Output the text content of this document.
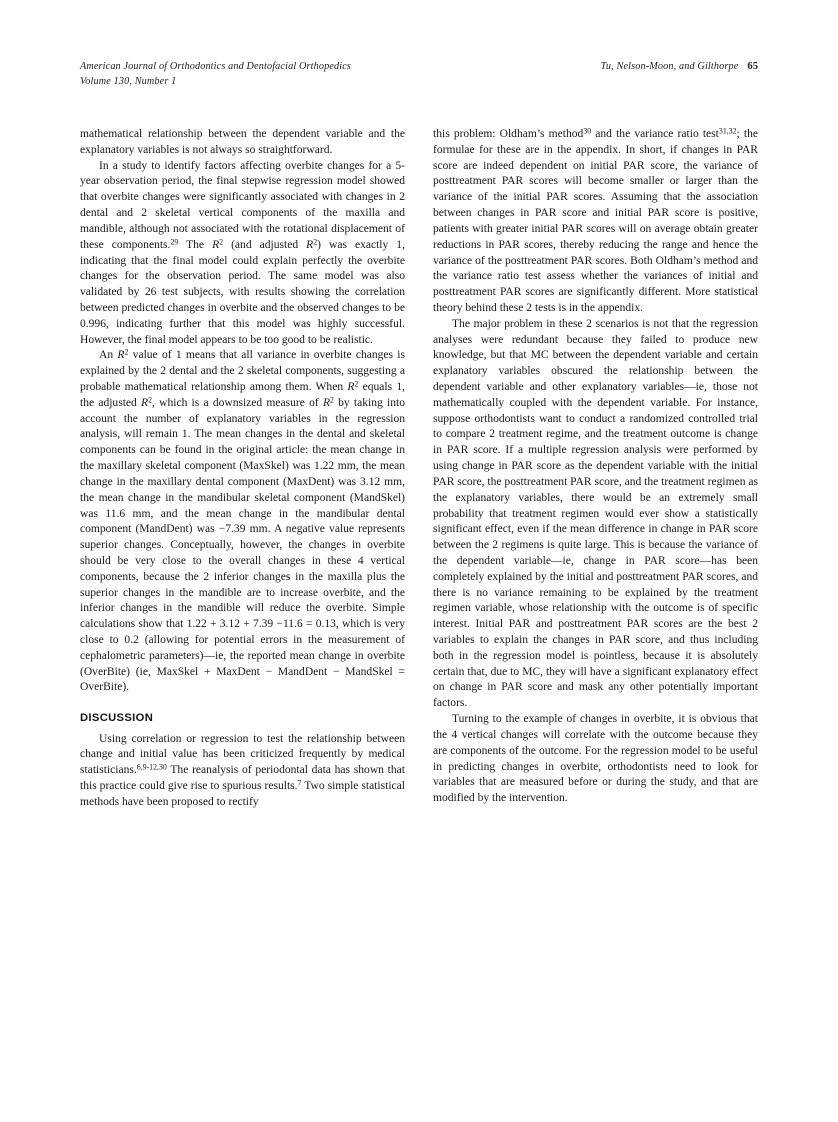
American Journal of Orthodontics and Dentofacial Orthopedics
Volume 130, Number 1
Tu, Nelson-Moon, and Gilthorpe 65

mathematical relationship between the dependent variable and the explanatory variables is not always so straightforward.

In a study to identify factors affecting overbite changes for a 5-year observation period, the final stepwise regression model showed that overbite changes were significantly associated with changes in 2 dental and 2 skeletal vertical components of the maxilla and mandible, although not associated with the rotational displacement of these components.$^{29}$ The $R^2$ (and adjusted $R^2$) was exactly 1, indicating that the final model could explain perfectly the overbite changes for the observation period. The same model was also validated by 26 test subjects, with results showing the correlation between predicted changes in overbite and the observed changes to be 0.996, indicating further that this model was highly successful. However, the final model appears to be too good to be realistic.

An $R^2$ value of 1 means that all variance in overbite changes is explained by the 2 dental and the 2 skeletal components, suggesting a probable mathematical relationship among them. When $R^2$ equals 1, the adjusted $R^2$, which is a downsized measure of $R^2$ by taking into account the number of explanatory variables in the regression analysis, will remain 1. The mean changes in the dental and skeletal components can be found in the original article: the mean change in the maxillary skeletal component (MaxSkel) was 1.22 mm, the mean change in the maxillary dental component (MaxDent) was 3.12 mm, the mean change in the mandibular skeletal component (MandSkel) was 11.6 mm, and the mean change in the mandibular dental component (MandDent) was −7.39 mm. A negative value represents superior changes. Conceptually, however, the changes in overbite should be very close to the overall changes in these 4 vertical components, because the 2 inferior changes in the maxilla plus the superior changes in the mandible are to increase overbite, and the inferior changes in the mandible will reduce the overbite. Simple calculations show that 1.22 + 3.12 + 7.39 −11.6 = 0.13, which is very close to 0.2 (allowing for potential errors in the measurement of cephalometric parameters)—ie, the reported mean change in overbite (OverBite) (ie, MaxSkel + MaxDent − MandDent − MandSkel = OverBite).

DISCUSSION

Using correlation or regression to test the relationship between change and initial value has been criticized frequently by medical statisticians.$^{6,9-12,30}$ The reanalysis of periodontal data has shown that this practice could give rise to spurious results.$^7$ Two simple statistical methods have been proposed to rectify

this problem: Oldham’s method$^{30}$ and the variance ratio test$^{31,32}$; the formulae for these are in the appendix. In short, if changes in PAR score are indeed dependent on initial PAR score, the variance of posttreatment PAR scores will become smaller or larger than the variance of the initial PAR scores. Assuming that the association between changes in PAR score and initial PAR score is positive, patients with greater initial PAR scores will on average obtain greater reductions in PAR scores, thereby reducing the range and hence the variance of the posttreatment PAR scores. Both Oldham’s method and the variance ratio test assess whether the variances of initial and posttreatment PAR scores are significantly different. More statistical theory behind these 2 tests is in the appendix.

The major problem in these 2 scenarios is not that the regression analyses were redundant because they failed to produce new knowledge, but that MC between the dependent variable and certain explanatory variables obscured the relationship between the dependent variable and other explanatory variables—ie, those not mathematically coupled with the dependent variable. For instance, suppose orthodontists want to conduct a randomized controlled trial to compare 2 treatment regime, and the treatment outcome is change in PAR score. If a multiple regression analysis were performed by using change in PAR score as the dependent variable with the initial PAR score, the posttreatment PAR score, and the treatment regimen as the explanatory variables, there would be an extremely small probability that treatment regimen would ever show a statistically significant effect, even if the mean difference in change in PAR score between the 2 regimens is quite large. This is because the variance of the dependent variable—ie, change in PAR score—has been completely explained by the initial and posttreatment PAR scores, and there is no variance remaining to be explained by the treatment regimen variable, whose relationship with the outcome is of specific interest. Initial PAR and posttreatment PAR scores are the best 2 variables to explain the changes in PAR score, and thus including both in the regression model is pointless, because it is absolutely certain that, due to MC, they will have a significant explanatory effect on change in PAR score and mask any other potentially important factors.

Turning to the example of changes in overbite, it is obvious that the 4 vertical changes will correlate with the outcome because they are components of the outcome. For the regression model to be useful in predicting changes in overbite, orthodontists need to look for variables that are measured before or during the study, and that are modified by the intervention.
